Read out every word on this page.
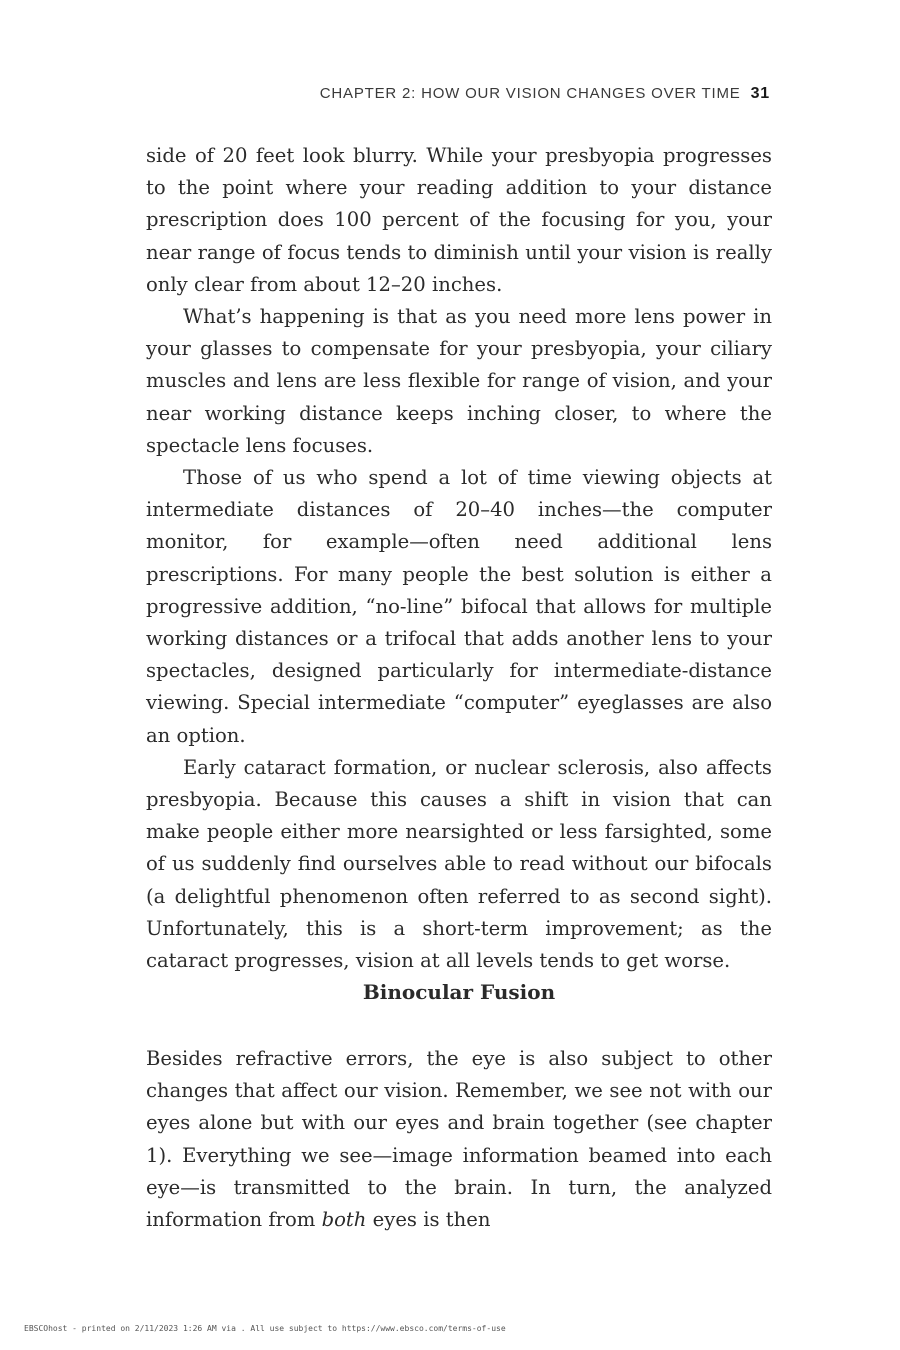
CHAPTER 2: HOW OUR VISION CHANGES OVER TIME 31

side of 20 feet look blurry. While your presbyopia progresses to the point where your reading addition to your distance prescription does 100 percent of the focusing for you, your near range of focus tends to diminish until your vision is really only clear from about 12–20 inches.

What’s happening is that as you need more lens power in your glasses to compensate for your presbyopia, your ciliary muscles and lens are less flexible for range of vision, and your near working distance keeps inching closer, to where the spectacle lens focuses.

Those of us who spend a lot of time viewing objects at intermediate distances of 20–40 inches—the computer monitor, for example—often need additional lens prescriptions. For many people the best solution is either a progressive addition, “no-line” bifocal that allows for multiple working distances or a trifocal that adds another lens to your spectacles, designed particularly for intermediate-distance viewing. Special intermediate “computer” eyeglasses are also an option.

Early cataract formation, or nuclear sclerosis, also affects presbyopia. Because this causes a shift in vision that can make people either more nearsighted or less farsighted, some of us suddenly find ourselves able to read without our bifocals (a delightful phenomenon often referred to as second sight). Unfortunately, this is a short-term improvement; as the cataract progresses, vision at all levels tends to get worse.

Binocular Fusion

Besides refractive errors, the eye is also subject to other changes that affect our vision. Remember, we see not with our eyes alone but with our eyes and brain together (see chapter 1). Everything we see—image information beamed into each eye—is transmitted to the brain. In turn, the analyzed information from both eyes is then

EBSCOhost - printed on 2/11/2023 1:26 AM via . All use subject to https://www.ebsco.com/terms-of-use
